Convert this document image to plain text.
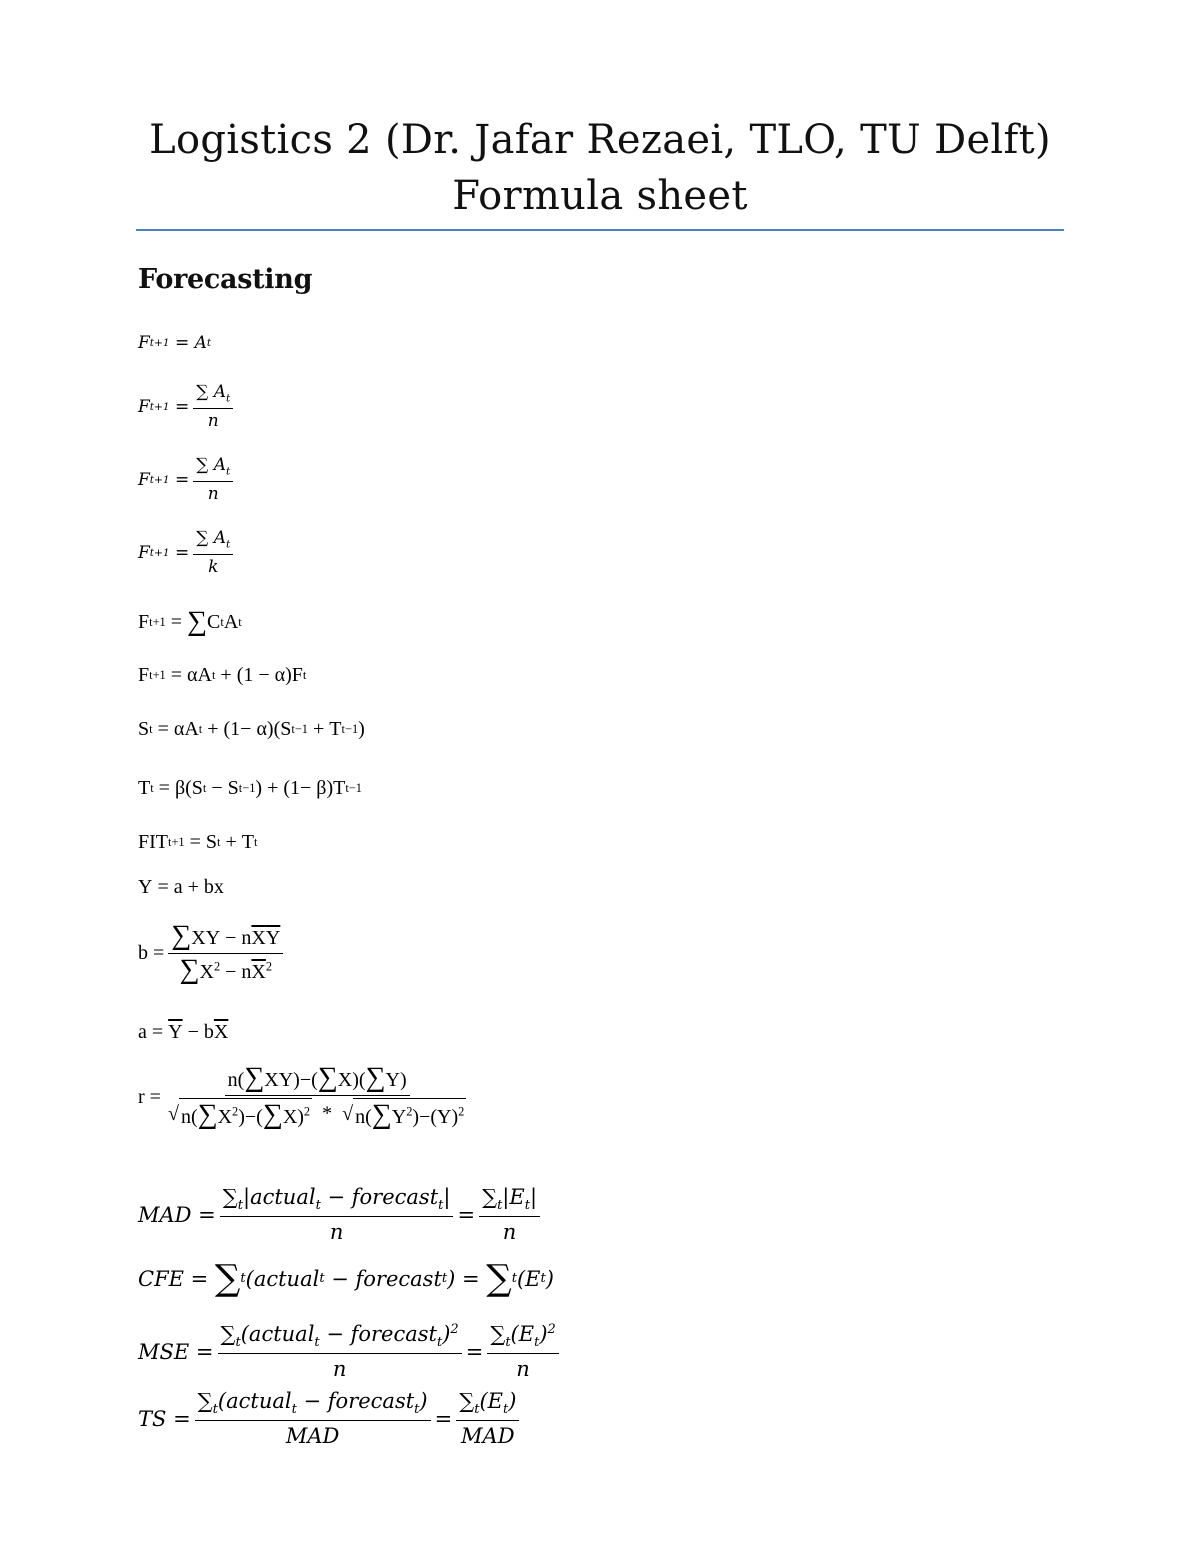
Logistics 2 (Dr. Jafar Rezaei, TLO, TU Delft)
Formula sheet
Forecasting
F t+1 = A t
F $t+1 = \frac{\sum A_t}{n}$
F $t+1 = \frac{\sum A_t}{n}$
F $t+1 = \frac{\sum A_t}{k}$
F t+1 = ∑ C t A t
F t+1 = αA t + (1 − α)F t
S t = αA t + (1− α)(S t−1 + T t−1 )
T t = β(S t − S t−1 ) + (1− β)T t−1
FIT t+1 = S t + T t
Y = a + bx
$b = \frac{\sum XY - n\overline{X}\overline{Y}}{\sum X^2 - n\overline{X}^2}$
$a = \overline{Y} - b$ $\overline{X}$
$r = \frac{n(\sum XY)-(\sum X)(\sum Y)}{√ n(\sum X^2)-(\sum X)^2 * √ n(\sum Y^2)-(Y)^2}$
MAD = $\frac{\sum_t|actual_t - forecast_t|}{n} = \frac{\sum_t|E_t|}{n}$
CFE = ∑ t (actual t − forecast t ) = ∑ t (E t )
MSE = $\frac{\sum_t(actual_t - forecast_t)^2}{n} = \frac{\sum_t(E_t)^2}{n}$
TS = $\frac{\sum_t(actual_t - forecast_t)}{\text{MAD}} = \frac{\sum_t(E_t)}{\text{MAD}}$
